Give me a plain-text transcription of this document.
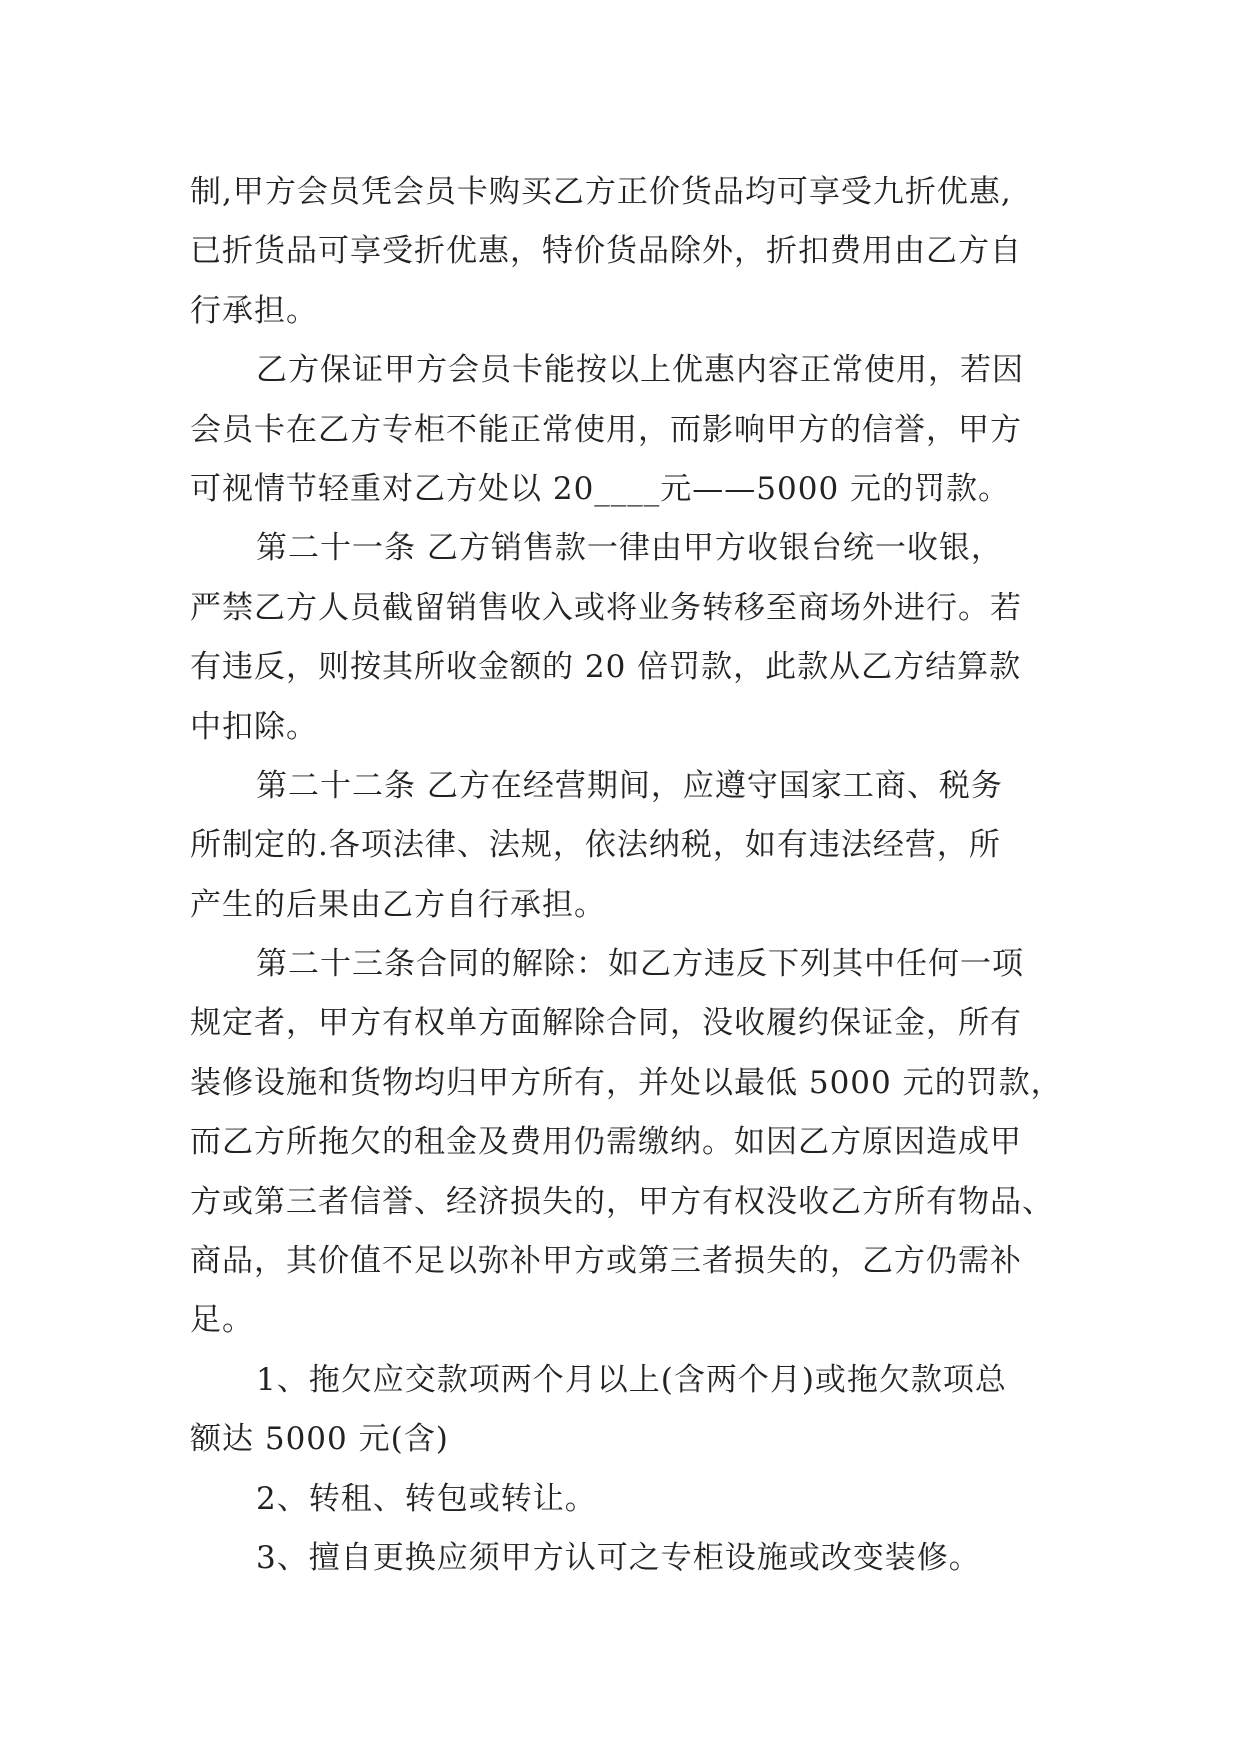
制,甲方会员凭会员卡购买乙方正价货品均可享受九折优惠,
已折货品可享受折优惠，特价货品除外，折扣费用由乙方自
行承担。
乙方保证甲方会员卡能按以上优惠内容正常使用，若因
会员卡在乙方专柜不能正常使用，而影响甲方的信誉，甲方
可视情节轻重对乙方处以 20____元——5000 元的罚款。
第二十一条 乙方销售款一律由甲方收银台统一收银，
严禁乙方人员截留销售收入或将业务转移至商场外进行。若
有违反，则按其所收金额的 20 倍罚款，此款从乙方结算款
中扣除。
第二十二条 乙方在经营期间，应遵守国家工商、税务
所制定的.各项法律、法规，依法纳税，如有违法经营，所
产生的后果由乙方自行承担。
第二十三条合同的解除：如乙方违反下列其中任何一项
规定者，甲方有权单方面解除合同，没收履约保证金，所有
装修设施和货物均归甲方所有，并处以最低 5000 元的罚款，
而乙方所拖欠的租金及费用仍需缴纳。如因乙方原因造成甲
方或第三者信誉、经济损失的，甲方有权没收乙方所有物品、
商品，其价值不足以弥补甲方或第三者损失的，乙方仍需补
足。
1、拖欠应交款项两个月以上(含两个月)或拖欠款项总
额达 5000 元(含)
2、转租、转包或转让。
3、擅自更换应须甲方认可之专柜设施或改变装修。
